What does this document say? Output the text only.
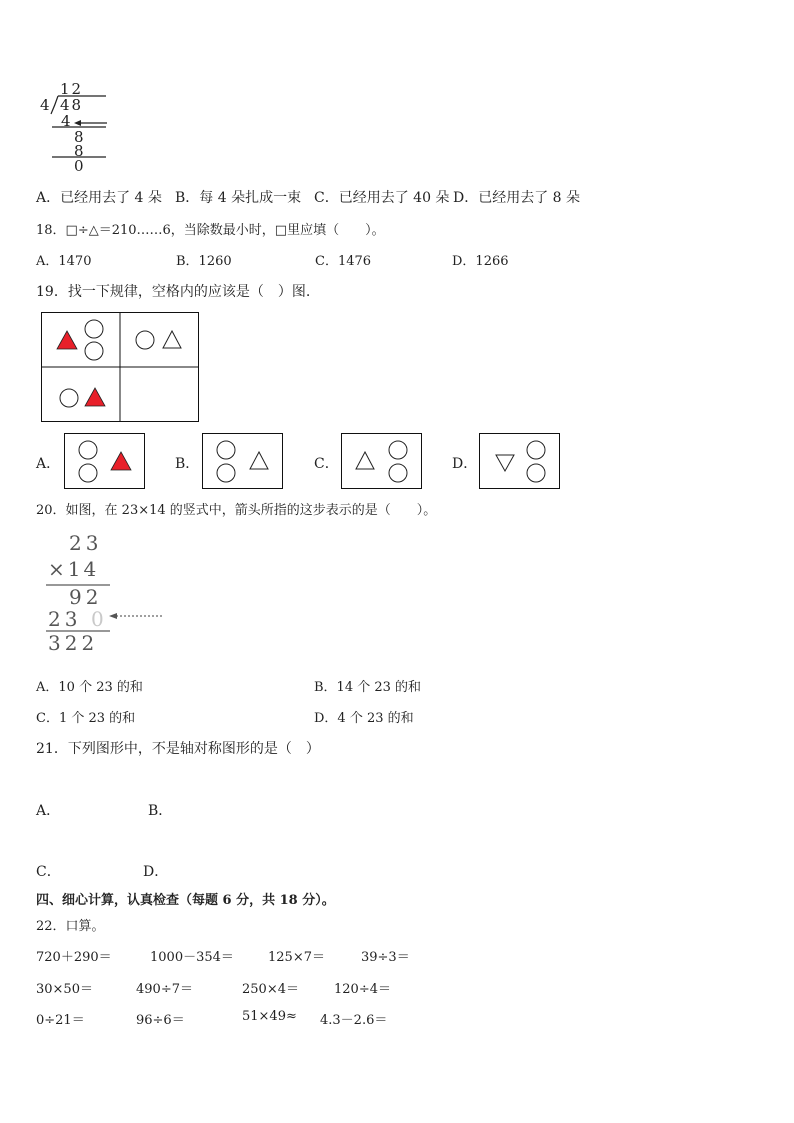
12
4 48
4
8
8
0
A．已经用去了 4 朵 B．每 4 朵扎成一束 C．已经用去了 40 朵 D．已经用去了 8 朵
18．□÷△＝210……6，当除数最小时，□里应填（　　）。
A．1470	B．1260	C．1476	D．1266
19．找一下规律，空格内的应该是（　）图.
A．	B．	C．	D．
20．如图，在 23×14 的竖式中，箭头所指的这步表示的是（　　）。
23
×14
92
23 0
322
A．10 个 23 的和	B．14 个 23 的和
C．1 个 23 的和	D．4 个 23 的和
21．下列图形中，不是轴对称图形的是（　）
A．	B．
C．	D．
四、细心计算，认真检查（每题 6 分，共 18 分）。
22．口算。
720＋290＝	1000－354＝	125×7＝	39÷3＝
30×50＝	490÷7＝	250×4＝	120÷4＝
0÷21＝	96÷6＝	51×49≈ 4.3－2.6＝
